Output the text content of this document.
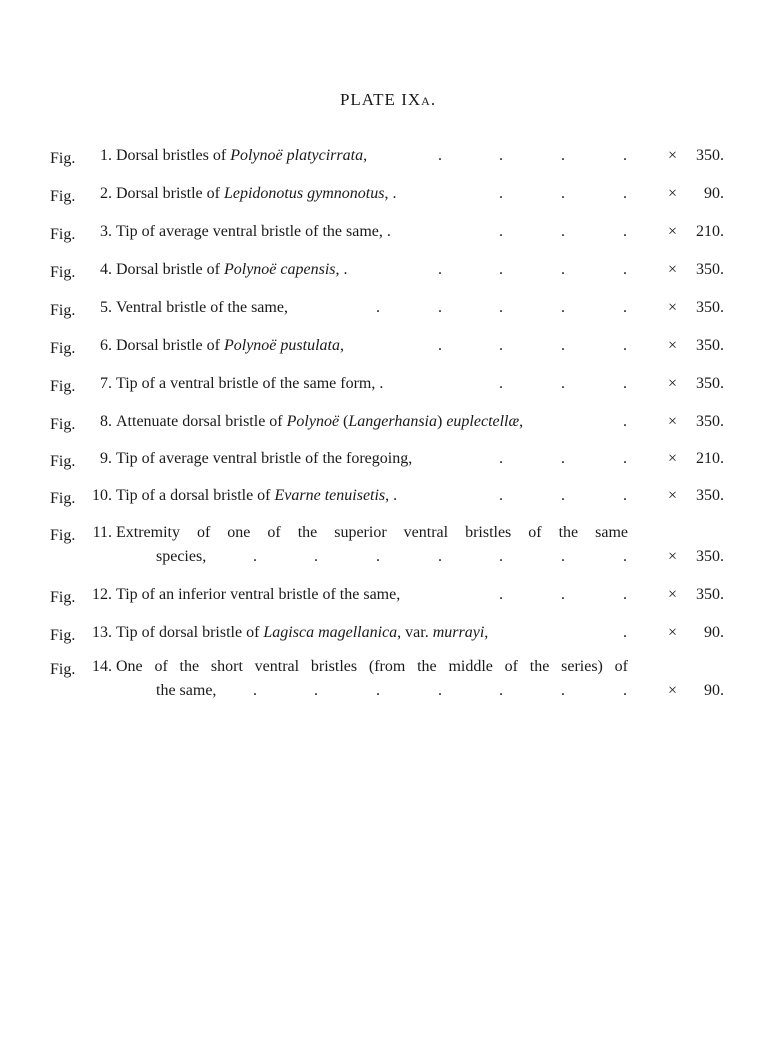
PLATE IXA.
Fig.	1. Dorsal bristles of Polynoë platycirrata,	.	.	.	.	× 350.
Fig.	2. Dorsal bristle of Lepidonotus gymnonotus, .	.	.	.	× 90.
Fig.	3. Tip of average ventral bristle of the same, .	.	.	.	× 210.
Fig.	4. Dorsal bristle of Polynoë capensis, .	.	.	.	.	× 350.
Fig.	5. Ventral bristle of the same,	.	.	.	.	.	× 350.
Fig.	6. Dorsal bristle of Polynoë pustulata,	.	.	.	.	× 350.
Fig.	7. Tip of a ventral bristle of the same form, .	.	.	.	× 350.
Fig.	8. Attenuate dorsal bristle of Polynoë (Langerhansia) euplectellæ,	.	× 350.
Fig.	9. Tip of average ventral bristle of the foregoing,	.	.	.	× 210.
Fig. 10. Tip of a dorsal bristle of Evarne tenuisetis, .	.	.	.	× 350.
Fig. 11. Extremity of one of the superior ventral bristles of the same
species,	.	.	.	.	.	.	.	× 350.
Fig. 12. Tip of an inferior ventral bristle of the same,	.	.	.	× 350.
Fig. 13. Tip of dorsal bristle of Lagisca magellanica, var. murrayi,	.	× 90.
Fig. 14. One of the short ventral bristles (from the middle of the series) of
the same, .	.	.	.	.	.	.	× 90.
